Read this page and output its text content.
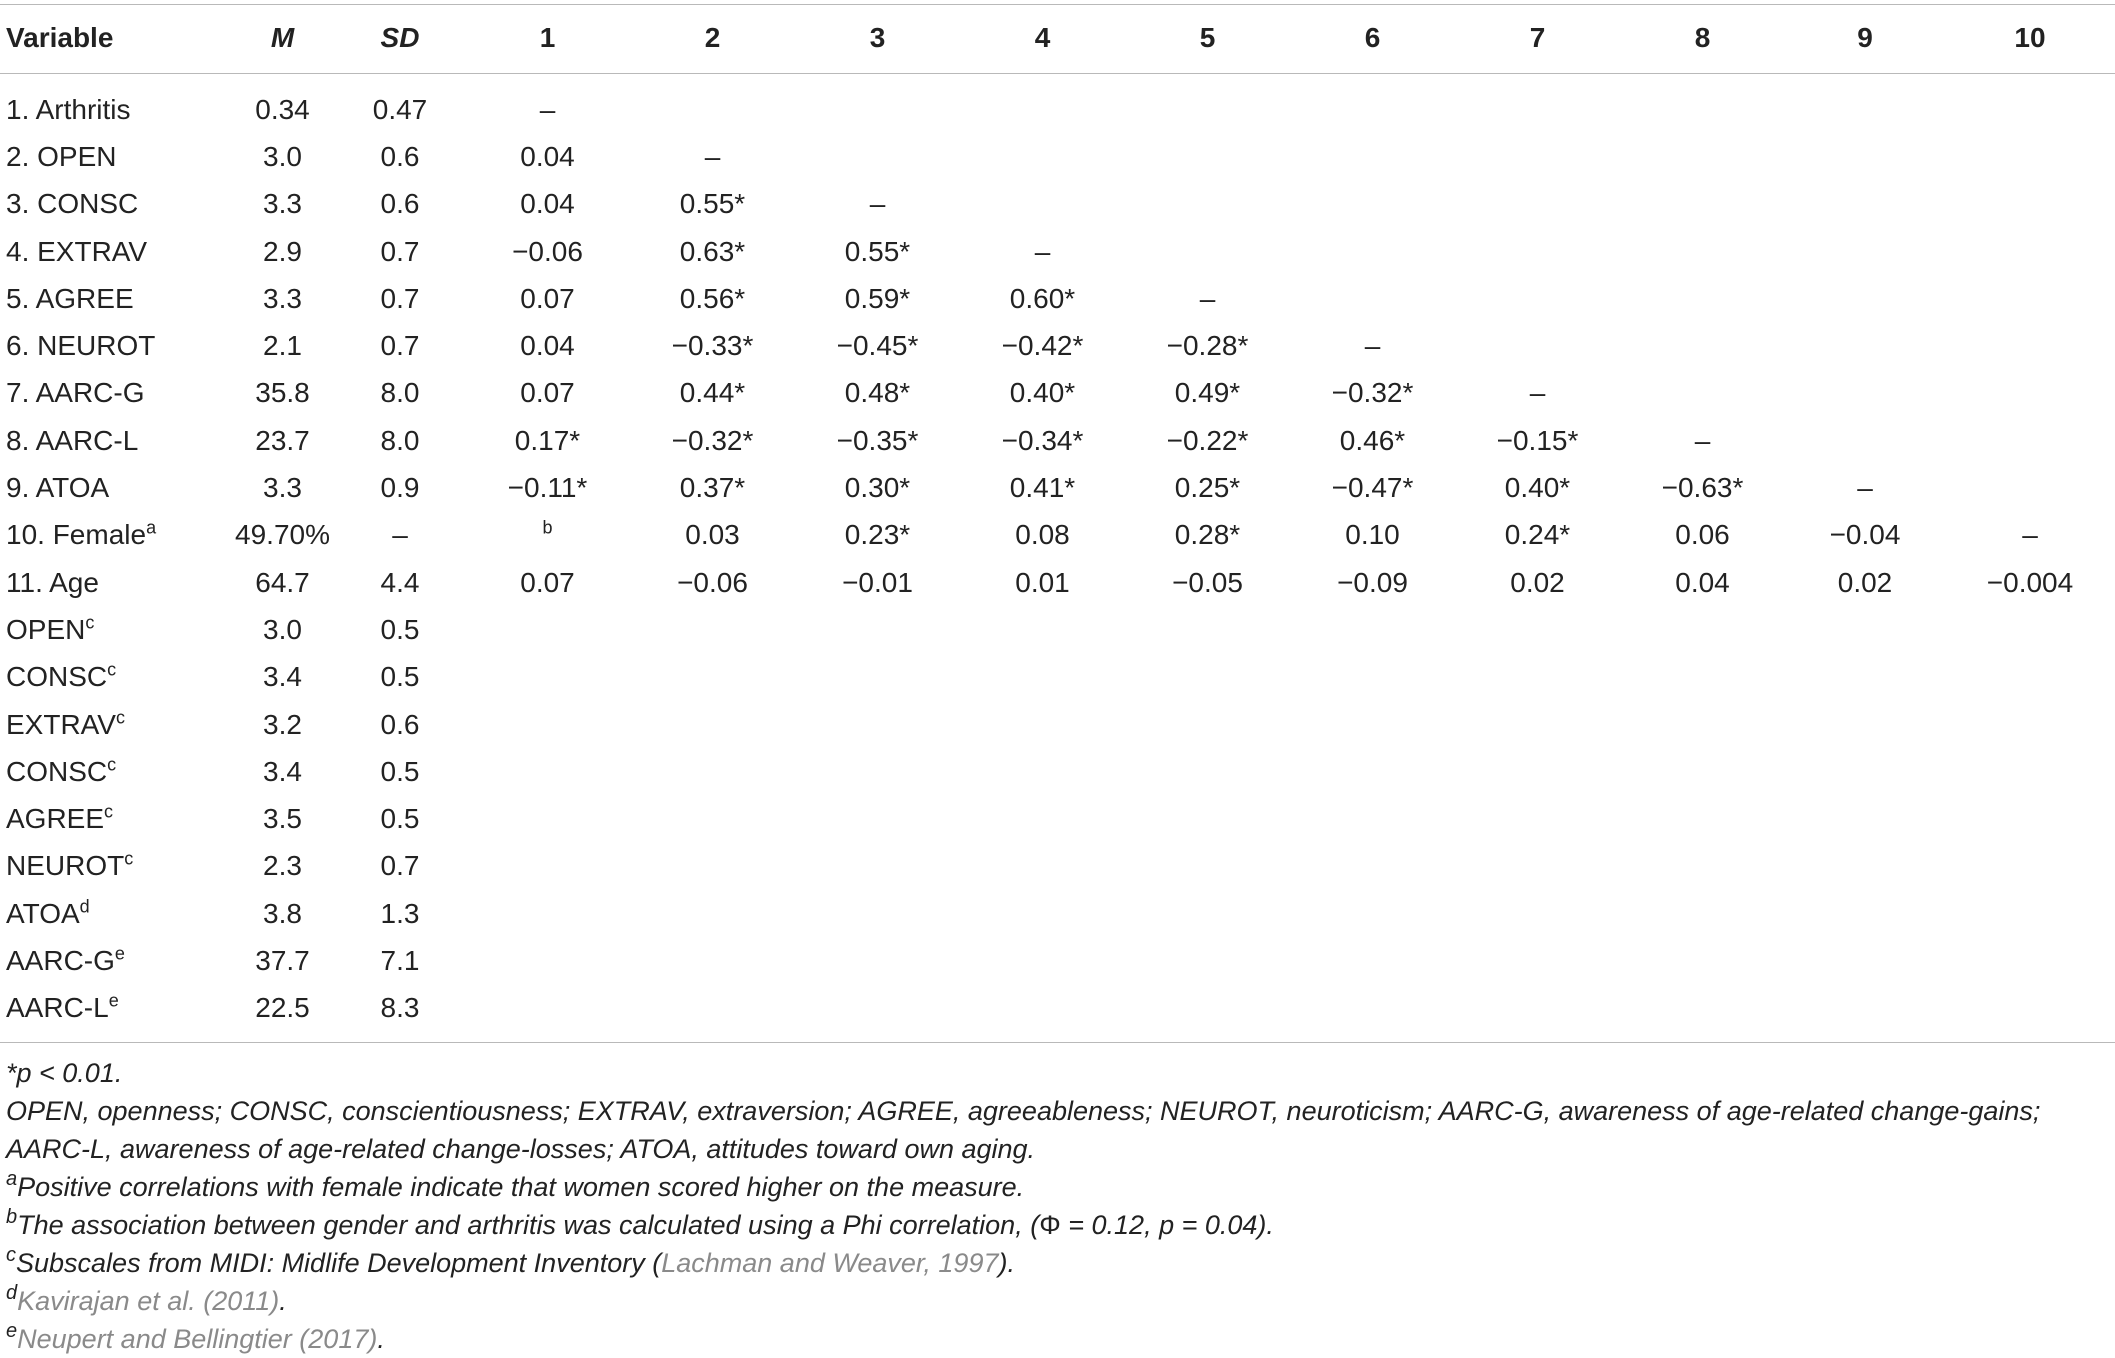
Variable	M	SD	1	2	3	4	5	6	7	8	9	10
1. Arthritis	0.34	0.47	–									
2. OPEN	3.0	0.6	0.04	–								
3. CONSC	3.3	0.6	0.04	0.55*	–							
4. EXTRAV	2.9	0.7	−0.06	0.63*	0.55*	–						
5. AGREE	3.3	0.7	0.07	0.56*	0.59*	0.60*	–					
6. NEUROT	2.1	0.7	0.04	−0.33*	−0.45*	−0.42*	−0.28*	–				
7. AARC-G	35.8	8.0	0.07	0.44*	0.48*	0.40*	0.49*	−0.32*	–			
8. AARC-L	23.7	8.0	0.17*	−0.32*	−0.35*	−0.34*	−0.22*	0.46*	−0.15*	–		
9. ATOA	3.3	0.9	−0.11*	0.37*	0.30*	0.41*	0.25*	−0.47*	0.40*	−0.63*	–	
10. Female$^a$	49.70%	–	$^b$	0.03	0.23*	0.08	0.28*	0.10	0.24*	0.06	−0.04	–
11. Age	64.7	4.4	0.07	−0.06	−0.01	0.01	−0.05	−0.09	0.02	0.04	0.02	−0.004
OPEN$^c$	3.0	0.5										
CONSC$^c$	3.4	0.5										
EXTRAV$^c$	3.2	0.6										
CONSC$^c$	3.4	0.5										
AGREE$^c$	3.5	0.5										
NEUROT$^c$	2.3	0.7										
ATOA$^d$	3.8	1.3										
AARC-$G^e$	37.7	7.1										
AARC-Le	22.5	8.3										
*p < 0.01.
OPEN, openness; CONSC, conscientiousness; EXTRAV, extraversion; AGREE, agreeableness; NEUROT, neuroticism; AARC-G, awareness of age-related change-gains;
AARC-L, awareness of age-related change-losses; ATOA, attitudes toward own aging.
$^a$Positive correlations with female indicate that women scored higher on the measure.
$^b$The association between gender and arthritis was calculated using a Phi correlation, (Φ = 0.12, p = 0.04).
$^c$Subscales from MIDI: Midlife Development Inventory (Lachman and Weaver, 1997).
$^d$Kavirajan et al. (2011).
$^e$Neupert and Bellingtier (2017).
